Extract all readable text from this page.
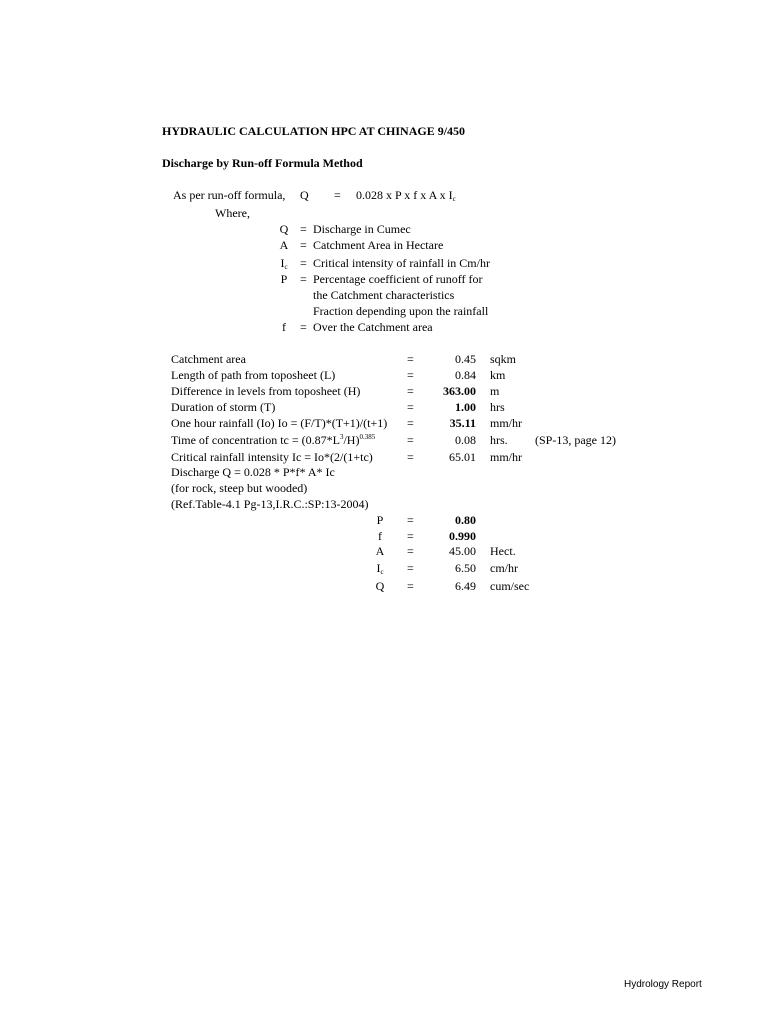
HYDRAULIC CALCULATION HPC AT CHINAGE 9/450
Discharge by Run-off Formula Method
As per run-off formula, Q = 0.028 x P x f x A x $I_c$
Where,
Q = Discharge in Cumec
A = Catchment Area in Hectare
$I_c$	= Critical intensity of rainfall in Cm/hr
P	= Percentage coefficient of runoff for
the Catchment characteristics
Fraction depending upon the rainfall
f	= Over the Catchment area
Catchment area	=	0.45 sqkm
Length of path from toposheet (L)	=	0.84 km
Difference in levels from toposheet (H)	=	363.00 m
Duration of storm (T)	=	1.00 hrs
One hour rainfall (Io) Io = (F/T)*(T+1)/(t+1) =	35.11 mm/hr
Time of concentration tc = $(0.87*L^3/H)^{0.385}$	=	0.08 hrs. (SP-13, page 12)
Critical rainfall intensity Ic = Io*(2/(1+tc)	=	65.01 mm/hr
Discharge Q = 0.028 * P*f* A* Ic
(for rock, steep but wooded)
(Ref.Table-4.1 Pg-13,I.R.C.:SP:13-2004)
P	=	0.80
f	=	0.990
A	=	45.00 Hect.
$I_c$	=	6.50 cm/hr
Q	=	6.49 cum/sec
Hydrology Report
